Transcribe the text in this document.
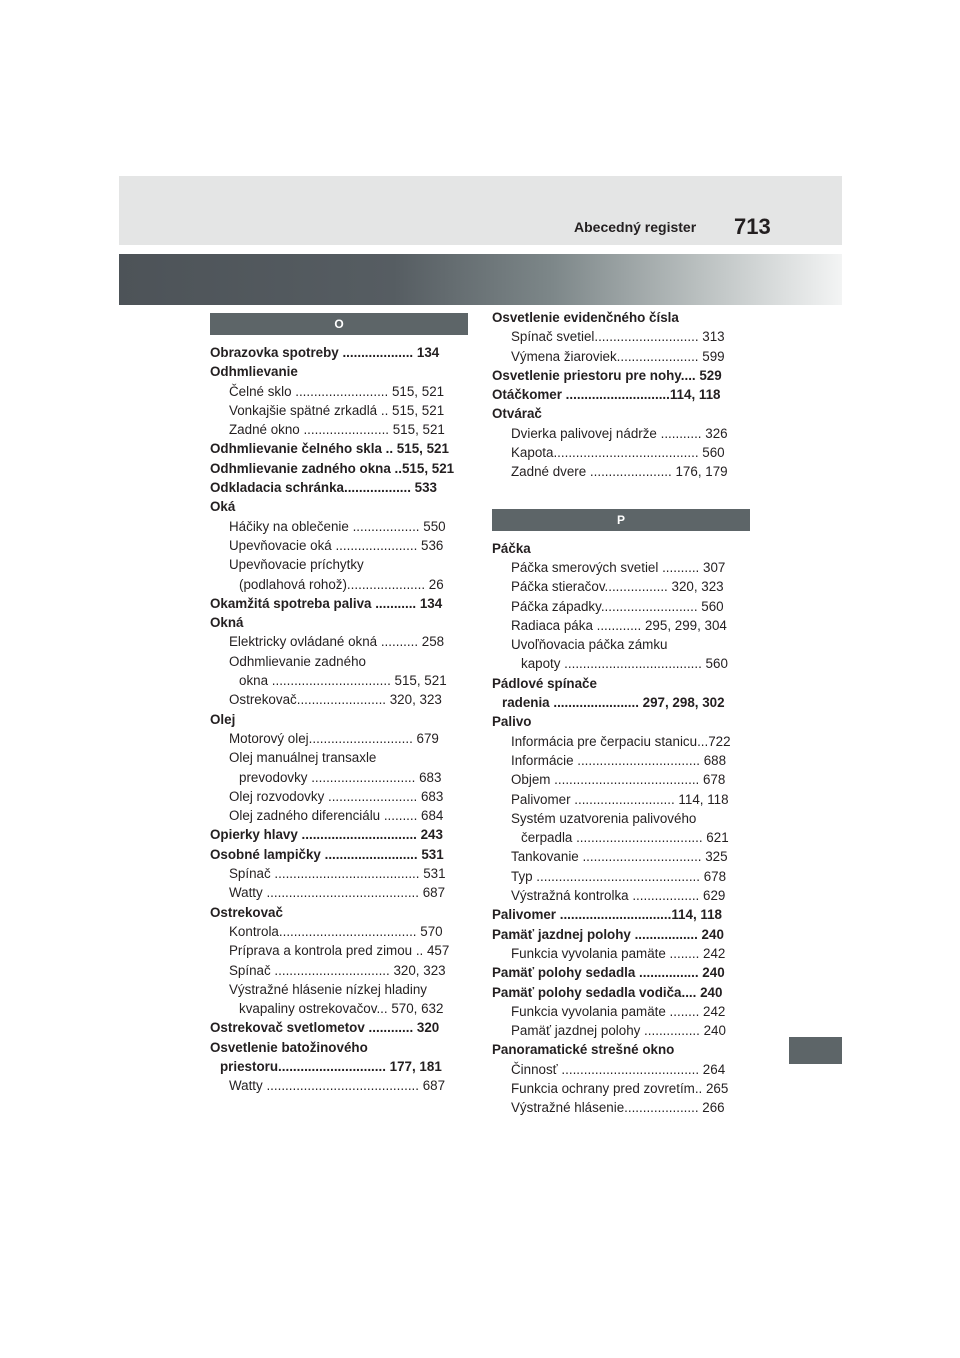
Abecedný register 713
O
Obrazovka spotreby ................... 134
Odhmlievanie
Čelné sklo ......................... 515, 521
Vonkajšie spätné zrkadlá .. 515, 521
Zadné okno ....................... 515, 521
Odhmlievanie čelného skla .. 515, 521
Odhmlievanie zadného okna ..515, 521
Odkladacia schránka.................. 533
Oká
Háčiky na oblečenie .................. 550
Upevňovacie oká ...................... 536
Upevňovacie príchytky
(podlahová rohož)..................... 26
Okamžitá spotreba paliva ........... 134
Okná
Elektricky ovládané okná .......... 258
Odhmlievanie zadného
okna ................................ 515, 521
Ostrekovač........................ 320, 323
Olej
Motorový olej............................ 679
Olej manuálnej transaxle
prevodovky ............................ 683
Olej rozvodovky ........................ 683
Olej zadného diferenciálu ......... 684
Opierky hlavy ............................... 243
Osobné lampičky ......................... 531
Spínač ....................................... 531
Watty ......................................... 687
Ostrekovač
Kontrola..................................... 570
Príprava a kontrola pred zimou .. 457
Spínač ............................... 320, 323
Výstražné hlásenie nízkej hladiny
kvapaliny ostrekovačov... 570, 632
Ostrekovač svetlometov ............ 320
Osvetlenie batožinového
priestoru............................. 177, 181
Watty ......................................... 687
Osvetlenie evidenčného čísla
Spínač svetiel............................ 313
Výmena žiaroviek...................... 599
Osvetlenie priestoru pre nohy.... 529
Otáčkomer ............................114, 118
Otvárač
Dvierka palivovej nádrže ........... 326
Kapota....................................... 560
Zadné dvere ...................... 176, 179
P
Páčka
Páčka smerových svetiel .......... 307
Páčka stieračov................. 320, 323
Páčka západky.......................... 560
Radiaca páka ............ 295, 299, 304
Uvoľňovacia páčka zámku
kapoty ..................................... 560
Pádlové spínače
radenia ....................... 297, 298, 302
Palivo
Informácia pre čerpaciu stanicu...722
Informácie ................................. 688
Objem ....................................... 678
Palivomer ........................... 114, 118
Systém uzatvorenia palivového
čerpadla .................................. 621
Tankovanie ................................ 325
Typ ............................................ 678
Výstražná kontrolka .................. 629
Palivomer ..............................114, 118
Pamäť jazdnej polohy ................. 240
Funkcia vyvolania pamäte ........ 242
Pamäť polohy sedadla ................ 240
Pamäť polohy sedadla vodiča.... 240
Funkcia vyvolania pamäte ........ 242
Pamäť jazdnej polohy ............... 240
Panoramatické strešné okno
Činnosť ..................................... 264
Funkcia ochrany pred zovretím.. 265
Výstražné hlásenie.................... 266
